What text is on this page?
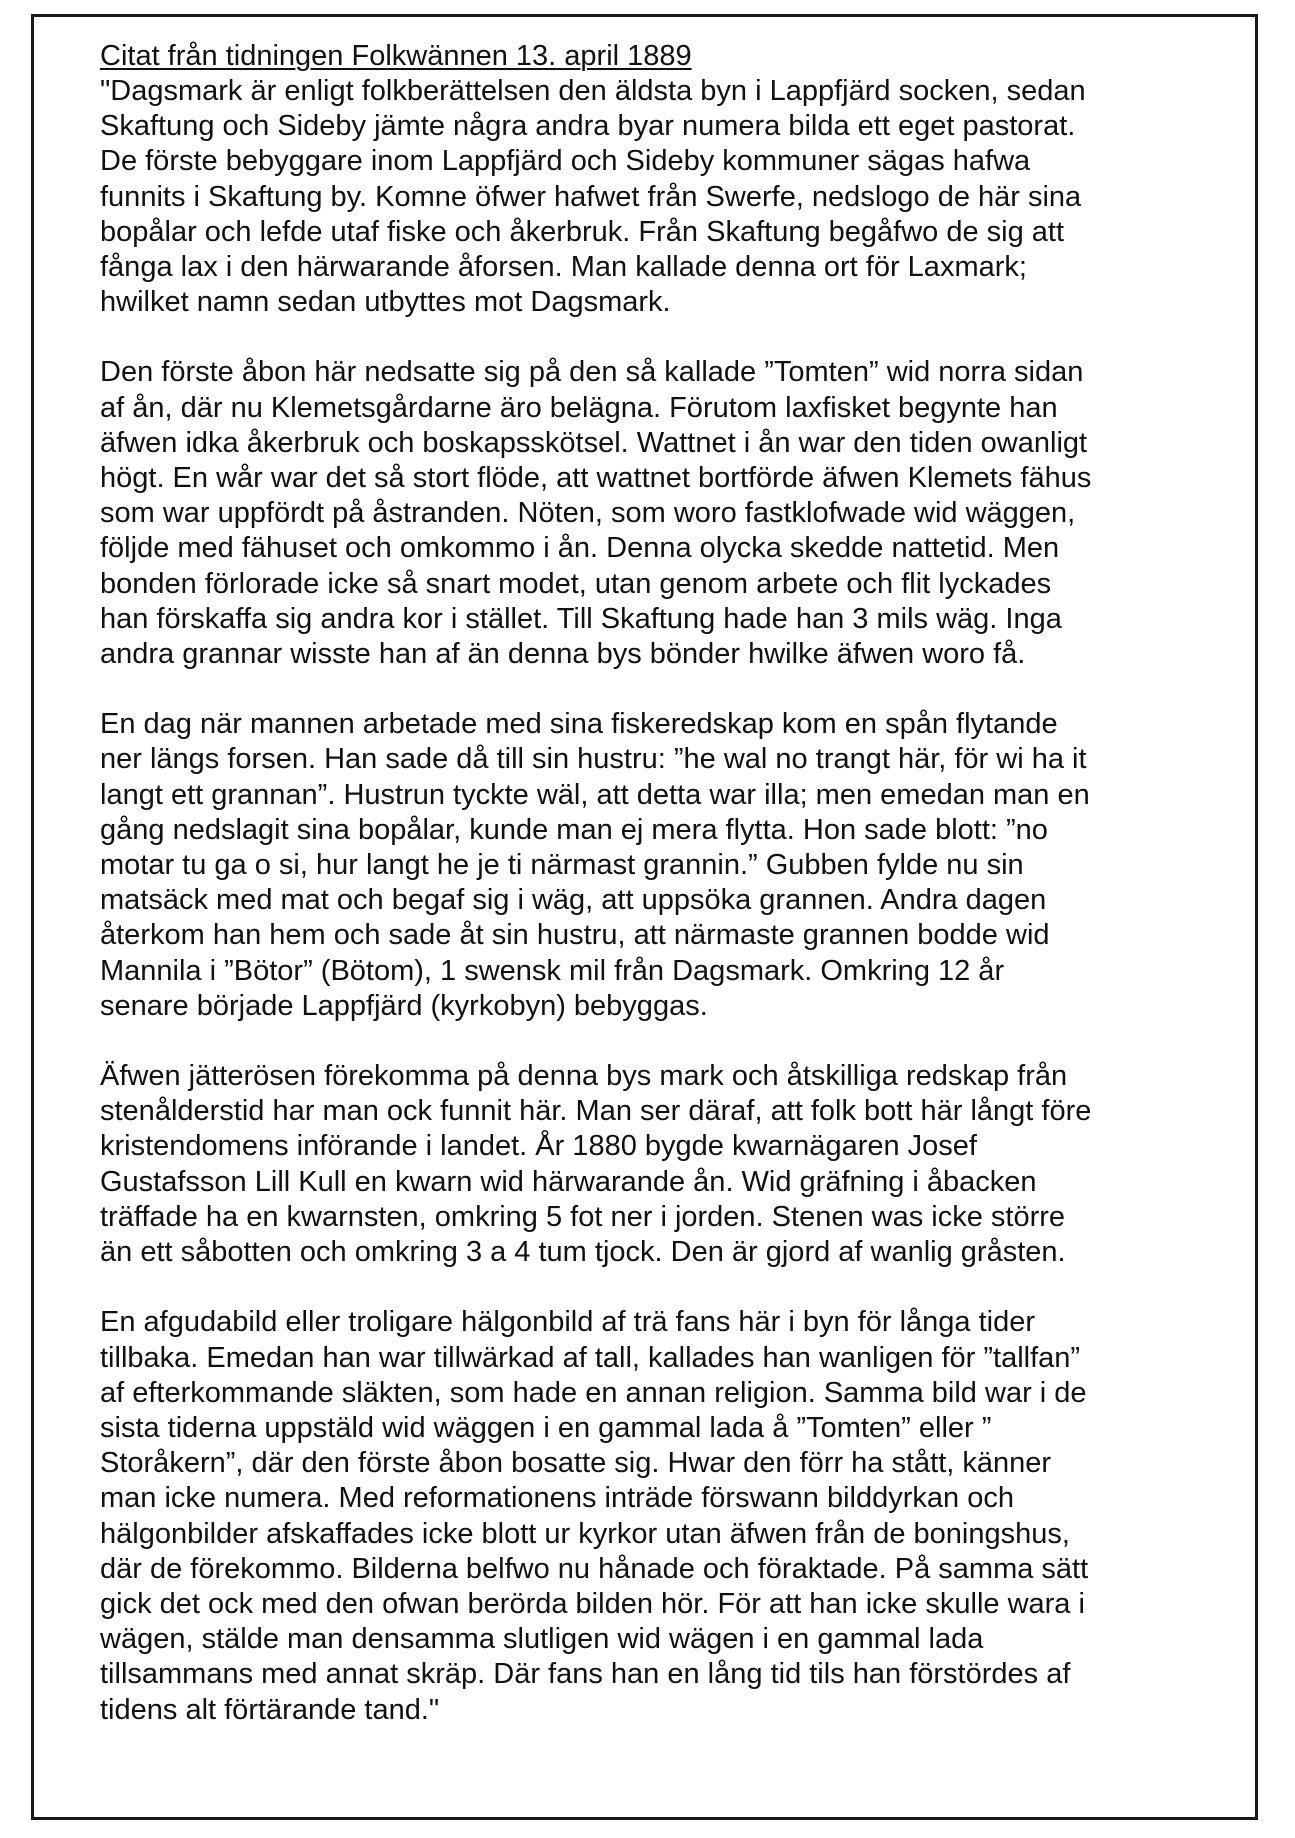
Citat från tidningen Folkwännen 13. april 1889

"Dagsmark är enligt folkberättelsen den äldsta byn i Lappfjärd socken, sedan
Skaftung och Sideby jämte några andra byar numera bilda ett eget pastorat.
De förste bebyggare inom Lappfjärd och Sideby kommuner sägas hafwa
funnits i Skaftung by. Komne öfwer hafwet från Swerfe, nedslogo de här sina
bopålar och lefde utaf fiske och åkerbruk. Från Skaftung begåfwo de sig att
fånga lax i den härwarande åforsen. Man kallade denna ort för Laxmark;
hwilket namn sedan utbyttes mot Dagsmark.

Den förste åbon här nedsatte sig på den så kallade ”Tomten” wid norra sidan
af ån, där nu Klemetsgårdarne äro belägna. Förutom laxfisket begynte han
äfwen idka åkerbruk och boskapsskötsel. Wattnet i ån war den tiden owanligt
högt. En wår war det så stort flöde, att wattnet bortförde äfwen Klemets fähus
som war uppfördt på åstranden. Nöten, som woro fastklofwade wid wäggen,
följde med fähuset och omkommo i ån. Denna olycka skedde nattetid. Men
bonden förlorade icke så snart modet, utan genom arbete och flit lyckades
han förskaffa sig andra kor i stället. Till Skaftung hade han 3 mils wäg. Inga
andra grannar wisste han af än denna bys bönder hwilke äfwen woro få.

En dag när mannen arbetade med sina fiskeredskap kom en spån flytande
ner längs forsen. Han sade då till sin hustru: ”he wal no trangt här, för wi ha it
langt ett grannan”. Hustrun tyckte wäl, att detta war illa; men emedan man en
gång nedslagit sina bopålar, kunde man ej mera flytta. Hon sade blott: ”no
motar tu ga o si, hur langt he je ti närmast grannin.” Gubben fylde nu sin
matsäck med mat och begaf sig i wäg, att uppsöka grannen. Andra dagen
återkom han hem och sade åt sin hustru, att närmaste grannen bodde wid
Mannila i ”Bötor” (Bötom), 1 swensk mil från Dagsmark. Omkring 12 år
senare började Lappfjärd (kyrkobyn) bebyggas.

Äfwen jätterösen förekomma på denna bys mark och åtskilliga redskap från
stenålderstid har man ock funnit här. Man ser däraf, att folk bott här långt före
kristendomens införande i landet. År 1880 bygde kwarnägaren Josef
Gustafsson Lill Kull en kwarn wid härwarande ån. Wid gräfning i åbacken
träffade ha en kwarnsten, omkring 5 fot ner i jorden. Stenen was icke större
än ett såbotten och omkring 3 a 4 tum tjock. Den är gjord af wanlig gråsten.

En afgudabild eller troligare hälgonbild af trä fans här i byn för långa tider
tillbaka. Emedan han war tillwärkad af tall, kallades han wanligen för ”tallfan”
af efterkommande släkten, som hade en annan religion. Samma bild war i de
sista tiderna uppstäld wid wäggen i en gammal lada å ”Tomten” eller ”
Storåkern”, där den förste åbon bosatte sig. Hwar den förr ha stått, känner
man icke numera. Med reformationens inträde förswann bilddyrkan och
hälgonbilder afskaffades icke blott ur kyrkor utan äfwen från de boningshus,
där de förekommo. Bilderna belfwo nu hånade och föraktade. På samma sätt
gick det ock med den ofwan berörda bilden hör. För att han icke skulle wara i
wägen, stälde man densamma slutligen wid wägen i en gammal lada
tillsammans med annat skräp. Där fans han en lång tid tils han förstördes af
tidens alt förtärande tand."
